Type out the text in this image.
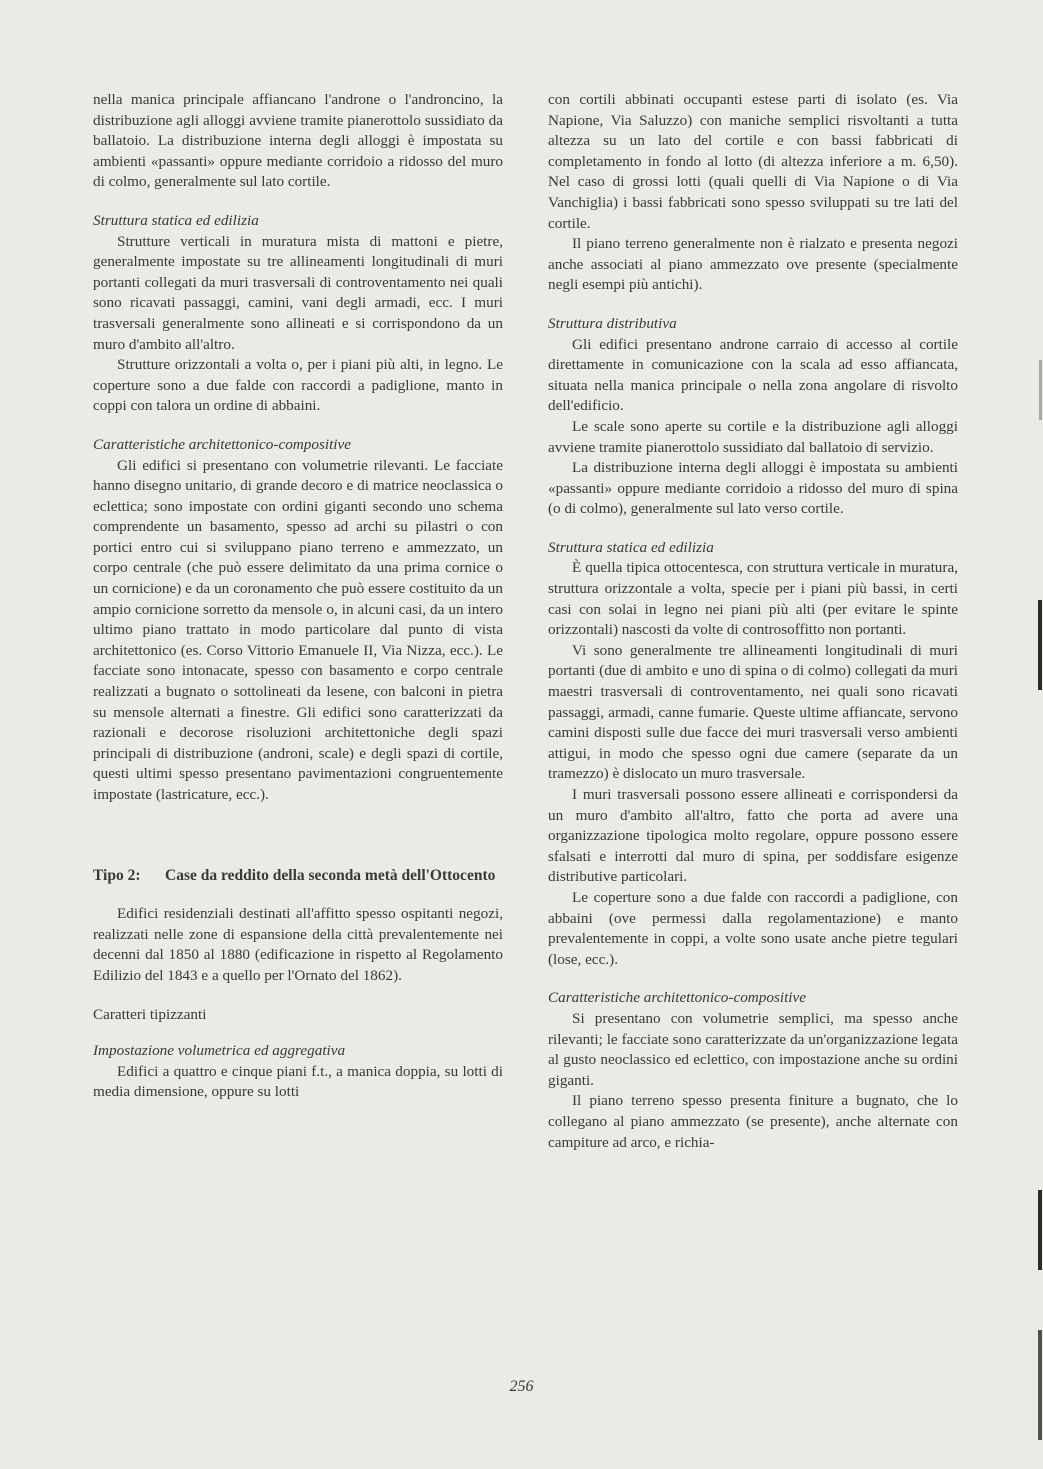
nella manica principale affiancano l'androne o l'androncino, la distribuzione agli alloggi avviene tramite pianerottolo sussidiato da ballatoio. La distribuzione interna degli alloggi è impostata su ambienti «passanti» oppure mediante corridoio a ridosso del muro di colmo, generalmente sul lato cortile.

Struttura statica ed edilizia

Strutture verticali in muratura mista di mattoni e pietre, generalmente impostate su tre allineamenti longitudinali di muri portanti collegati da muri trasversali di controventamento nei quali sono ricavati passaggi, camini, vani degli armadi, ecc. I muri trasversali generalmente sono allineati e si corrispondono da un muro d'ambito all'altro.

Strutture orizzontali a volta o, per i piani più alti, in legno. Le coperture sono a due falde con raccordi a padiglione, manto in coppi con talora un ordine di abbaini.

Caratteristiche architettonico-compositive

Gli edifici si presentano con volumetrie rilevanti. Le facciate hanno disegno unitario, di grande decoro e di matrice neoclassica o eclettica; sono impostate con ordini giganti secondo uno schema comprendente un basamento, spesso ad archi su pilastri o con portici entro cui si sviluppano piano terreno e ammezzato, un corpo centrale (che può essere delimitato da una prima cornice o un cornicione) e da un coronamento che può essere costituito da un ampio cornicione sorretto da mensole o, in alcuni casi, da un intero ultimo piano trattato in modo particolare dal punto di vista architettonico (es. Corso Vittorio Emanuele II, Via Nizza, ecc.). Le facciate sono intonacate, spesso con basamento e corpo centrale realizzati a bugnato o sottolineati da lesene, con balconi in pietra su mensole alternati a finestre. Gli edifici sono caratterizzati da razionali e decorose risoluzioni architettoniche degli spazi principali di distribuzione (androni, scale) e degli spazi di cortile, questi ultimi spesso presentano pavimentazioni congruentemente impostate (lastricature, ecc.).

Tipo 2:	Case da reddito della seconda metà dell'Ottocento

Edifici residenziali destinati all'affitto spesso ospitanti negozi, realizzati nelle zone di espansione della città prevalentemente nei decenni dal 1850 al 1880 (edificazione in rispetto al Regolamento Edilizio del 1843 e a quello per l'Ornato del 1862).

Caratteri tipizzanti
Impostazione volumetrica ed aggregativa

Edifici a quattro e cinque piani f.t., a manica doppia, su lotti di media dimensione, oppure su lotti

con cortili abbinati occupanti estese parti di isolato (es. Via Napione, Via Saluzzo) con maniche semplici risvoltanti a tutta altezza su un lato del cortile e con bassi fabbricati di completamento in fondo al lotto (di altezza inferiore a m. 6,50). Nel caso di grossi lotti (quali quelli di Via Napione o di Via Vanchiglia) i bassi fabbricati sono spesso sviluppati su tre lati del cortile.

Il piano terreno generalmente non è rialzato e presenta negozi anche associati al piano ammezzato ove presente (specialmente negli esempi più antichi).

Struttura distributiva

Gli edifici presentano androne carraio di accesso al cortile direttamente in comunicazione con la scala ad esso affiancata, situata nella manica principale o nella zona angolare di risvolto dell'edificio.

Le scale sono aperte su cortile e la distribuzione agli alloggi avviene tramite pianerottolo sussidiato dal ballatoio di servizio.

La distribuzione interna degli alloggi è impostata su ambienti «passanti» oppure mediante corridoio a ridosso del muro di spina (o di colmo), generalmente sul lato verso cortile.

Struttura statica ed edilizia

È quella tipica ottocentesca, con struttura verticale in muratura, struttura orizzontale a volta, specie per i piani più bassi, in certi casi con solai in legno nei piani più alti (per evitare le spinte orizzontali) nascosti da volte di controsoffitto non portanti.

Vi sono generalmente tre allineamenti longitudinali di muri portanti (due di ambito e uno di spina o di colmo) collegati da muri maestri trasversali di controventamento, nei quali sono ricavati passaggi, armadi, canne fumarie. Queste ultime affiancate, servono camini disposti sulle due facce dei muri trasversali verso ambienti attigui, in modo che spesso ogni due camere (separate da un tramezzo) è dislocato un muro trasversale.

I muri trasversali possono essere allineati e corrispondersi da un muro d'ambito all'altro, fatto che porta ad avere una organizzazione tipologica molto regolare, oppure possono essere sfalsati e interrotti dal muro di spina, per soddisfare esigenze distributive particolari.

Le coperture sono a due falde con raccordi a padiglione, con abbaini (ove permessi dalla regolamentazione) e manto prevalentemente in coppi, a volte sono usate anche pietre tegulari (lose, ecc.).

Caratteristiche architettonico-compositive

Si presentano con volumetrie semplici, ma spesso anche rilevanti; le facciate sono caratterizzate da un'organizzazione legata al gusto neoclassico ed eclettico, con impostazione anche su ordini giganti.

Il piano terreno spesso presenta finiture a bugnato, che lo collegano al piano ammezzato (se presente), anche alternate con campiture ad arco, e richia-

256
